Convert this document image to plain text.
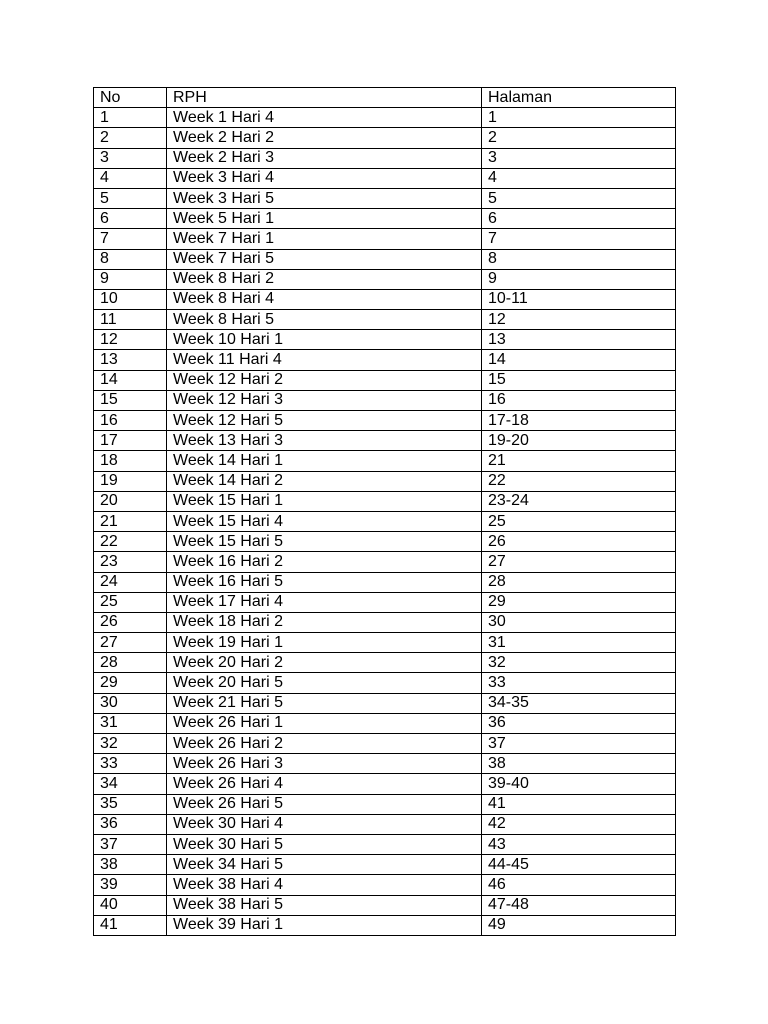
No	RPH	Halaman
1	Week 1 Hari 4	1
2	Week 2 Hari 2	2
3	Week 2 Hari 3	3
4	Week 3 Hari 4	4
5	Week 3 Hari 5	5
6	Week 5 Hari 1	6
7	Week 7 Hari 1	7
8	Week 7 Hari 5	8
9	Week 8 Hari 2	9
10	Week 8 Hari 4	10-11
11	Week 8 Hari 5	12
12	Week 10 Hari 1	13
13	Week 11 Hari 4	14
14	Week 12 Hari 2	15
15	Week 12 Hari 3	16
16	Week 12 Hari 5	17-18
17	Week 13 Hari 3	19-20
18	Week 14 Hari 1	21
19	Week 14 Hari 2	22
20	Week 15 Hari 1	23-24
21	Week 15 Hari 4	25
22	Week 15 Hari 5	26
23	Week 16 Hari 2	27
24	Week 16 Hari 5	28
25	Week 17 Hari 4	29
26	Week 18 Hari 2	30
27	Week 19 Hari 1	31
28	Week 20 Hari 2	32
29	Week 20 Hari 5	33
30	Week 21 Hari 5	34-35
31	Week 26 Hari 1	36
32	Week 26 Hari 2	37
33	Week 26 Hari 3	38
34	Week 26 Hari 4	39-40
35	Week 26 Hari 5	41
36	Week 30 Hari 4	42
37	Week 30 Hari 5	43
38	Week 34 Hari 5	44-45
39	Week 38 Hari 4	46
40	Week 38 Hari 5	47-48
41	Week 39 Hari 1	49
